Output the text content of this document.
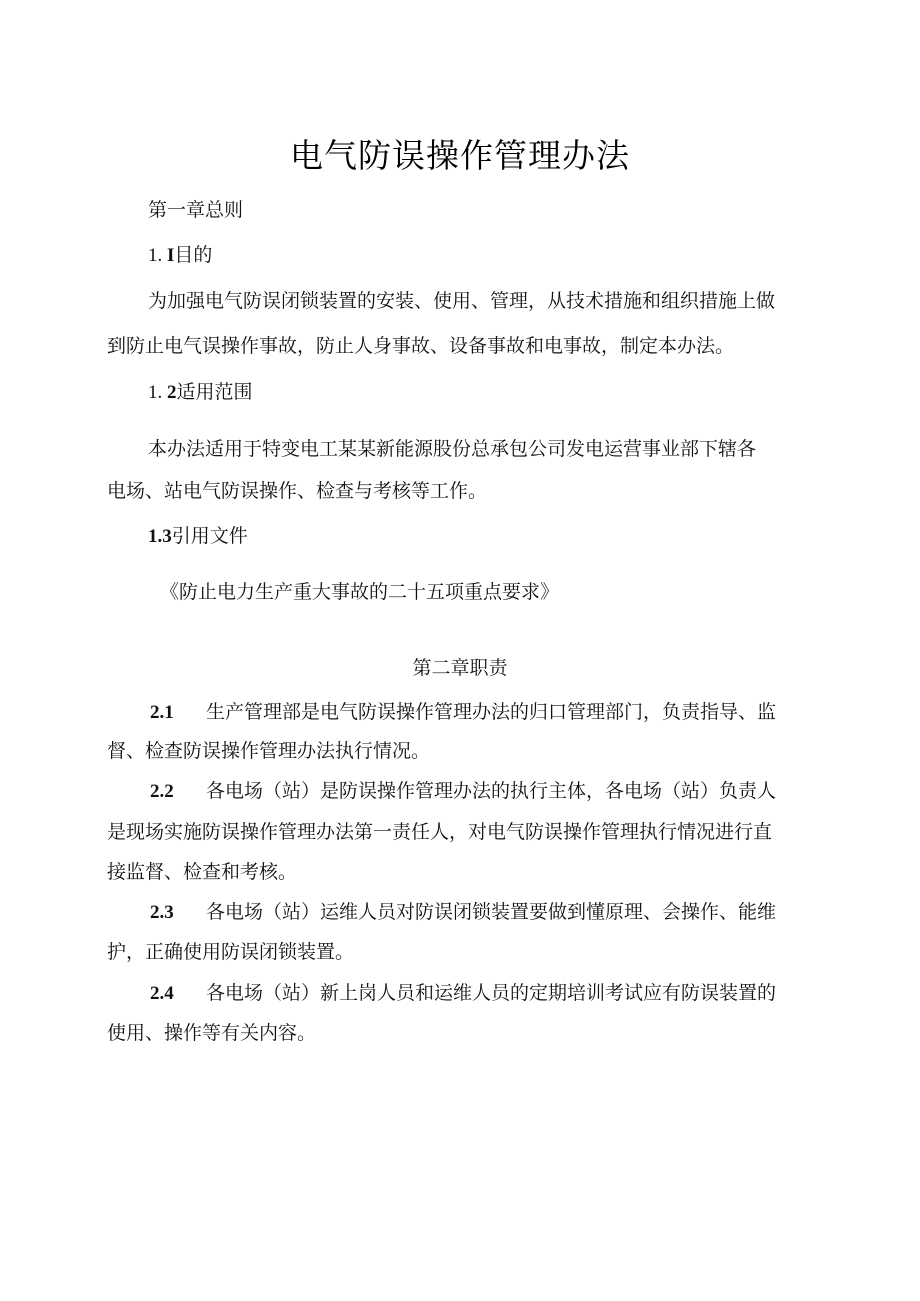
电气防误操作管理办法
第一章总则
1. I目的
为加强电气防误闭锁装置的安装、使用、管理，从技术措施和组织措施上做
到防止电气误操作事故，防止人身事故、设备事故和电事故，制定本办法。
1. 2适用范围
本办法适用于特变电工某某新能源股份总承包公司发电运营事业部下辖各
电场、站电气防误操作、检查与考核等工作。
1.3引用文件
《防止电力生产重大事故的二十五项重点要求》
第二章职责
2.1 生产管理部是电气防误操作管理办法的归口管理部门，负责指导、监
督、检查防误操作管理办法执行情况。
2.2 各电场（站）是防误操作管理办法的执行主体，各电场（站）负责人
是现场实施防误操作管理办法第一责任人，对电气防误操作管理执行情况进行直
接监督、检查和考核。
2.3 各电场（站）运维人员对防误闭锁装置要做到懂原理、会操作、能维
护，正确使用防误闭锁装置。
2.4 各电场（站）新上岗人员和运维人员的定期培训考试应有防误装置的
使用、操作等有关内容。
